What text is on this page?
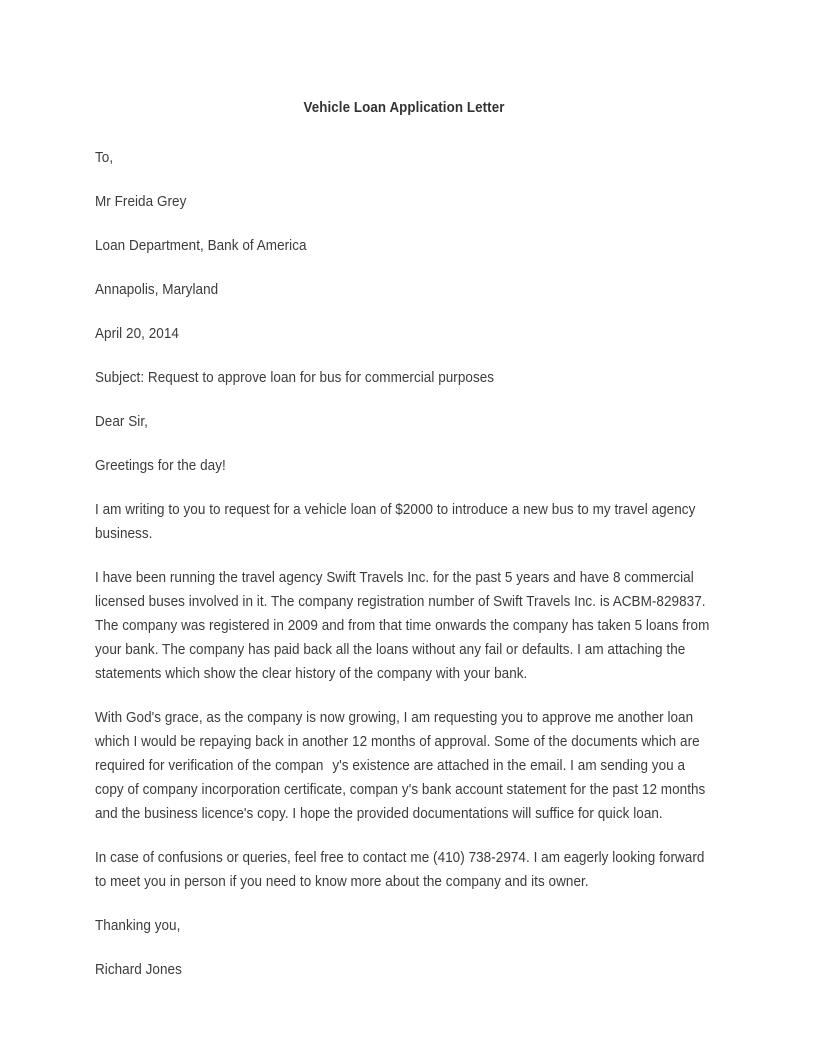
Vehicle Loan Application Letter

To,

Mr Freida Grey

Loan Department, Bank of America

Annapolis, Maryland

April 20, 2014

Subject: Request to approve loan for bus for commercial purposes

Dear Sir,

Greetings for the day!

I am writing to you to request for a vehicle loan of $2000 to introduce a new bus to my travel agency business.

I have been running the travel agency Swift Travels Inc. for the past 5 years and have 8 commercial licensed buses involved in it. The company registration number of Swift Travels Inc. is ACBM-829837. The company was registered in 2009 and from that time onwards the company has taken 5 loans from your bank. The company has paid back all the loans without any fail or defaults. I am attaching the statements which show the clear history of the company with your bank.

With God's grace, as the company is now growing, I am requesting you to approve me another loan which I would be repaying back in another 12 months of approval. Some of the documents which are required for verification of the compan y's existence are attached in the email. I am sending you a copy of company incorporation certificate, compan y's bank account statement for the past 12 months and the business licence's copy. I hope the provided documentations will suffice for quick loan.

In case of confusions or queries, feel free to contact me (410) 738-2974. I am eagerly looking forward to meet you in person if you need to know more about the company and its owner.

Thanking you,

Richard Jones
